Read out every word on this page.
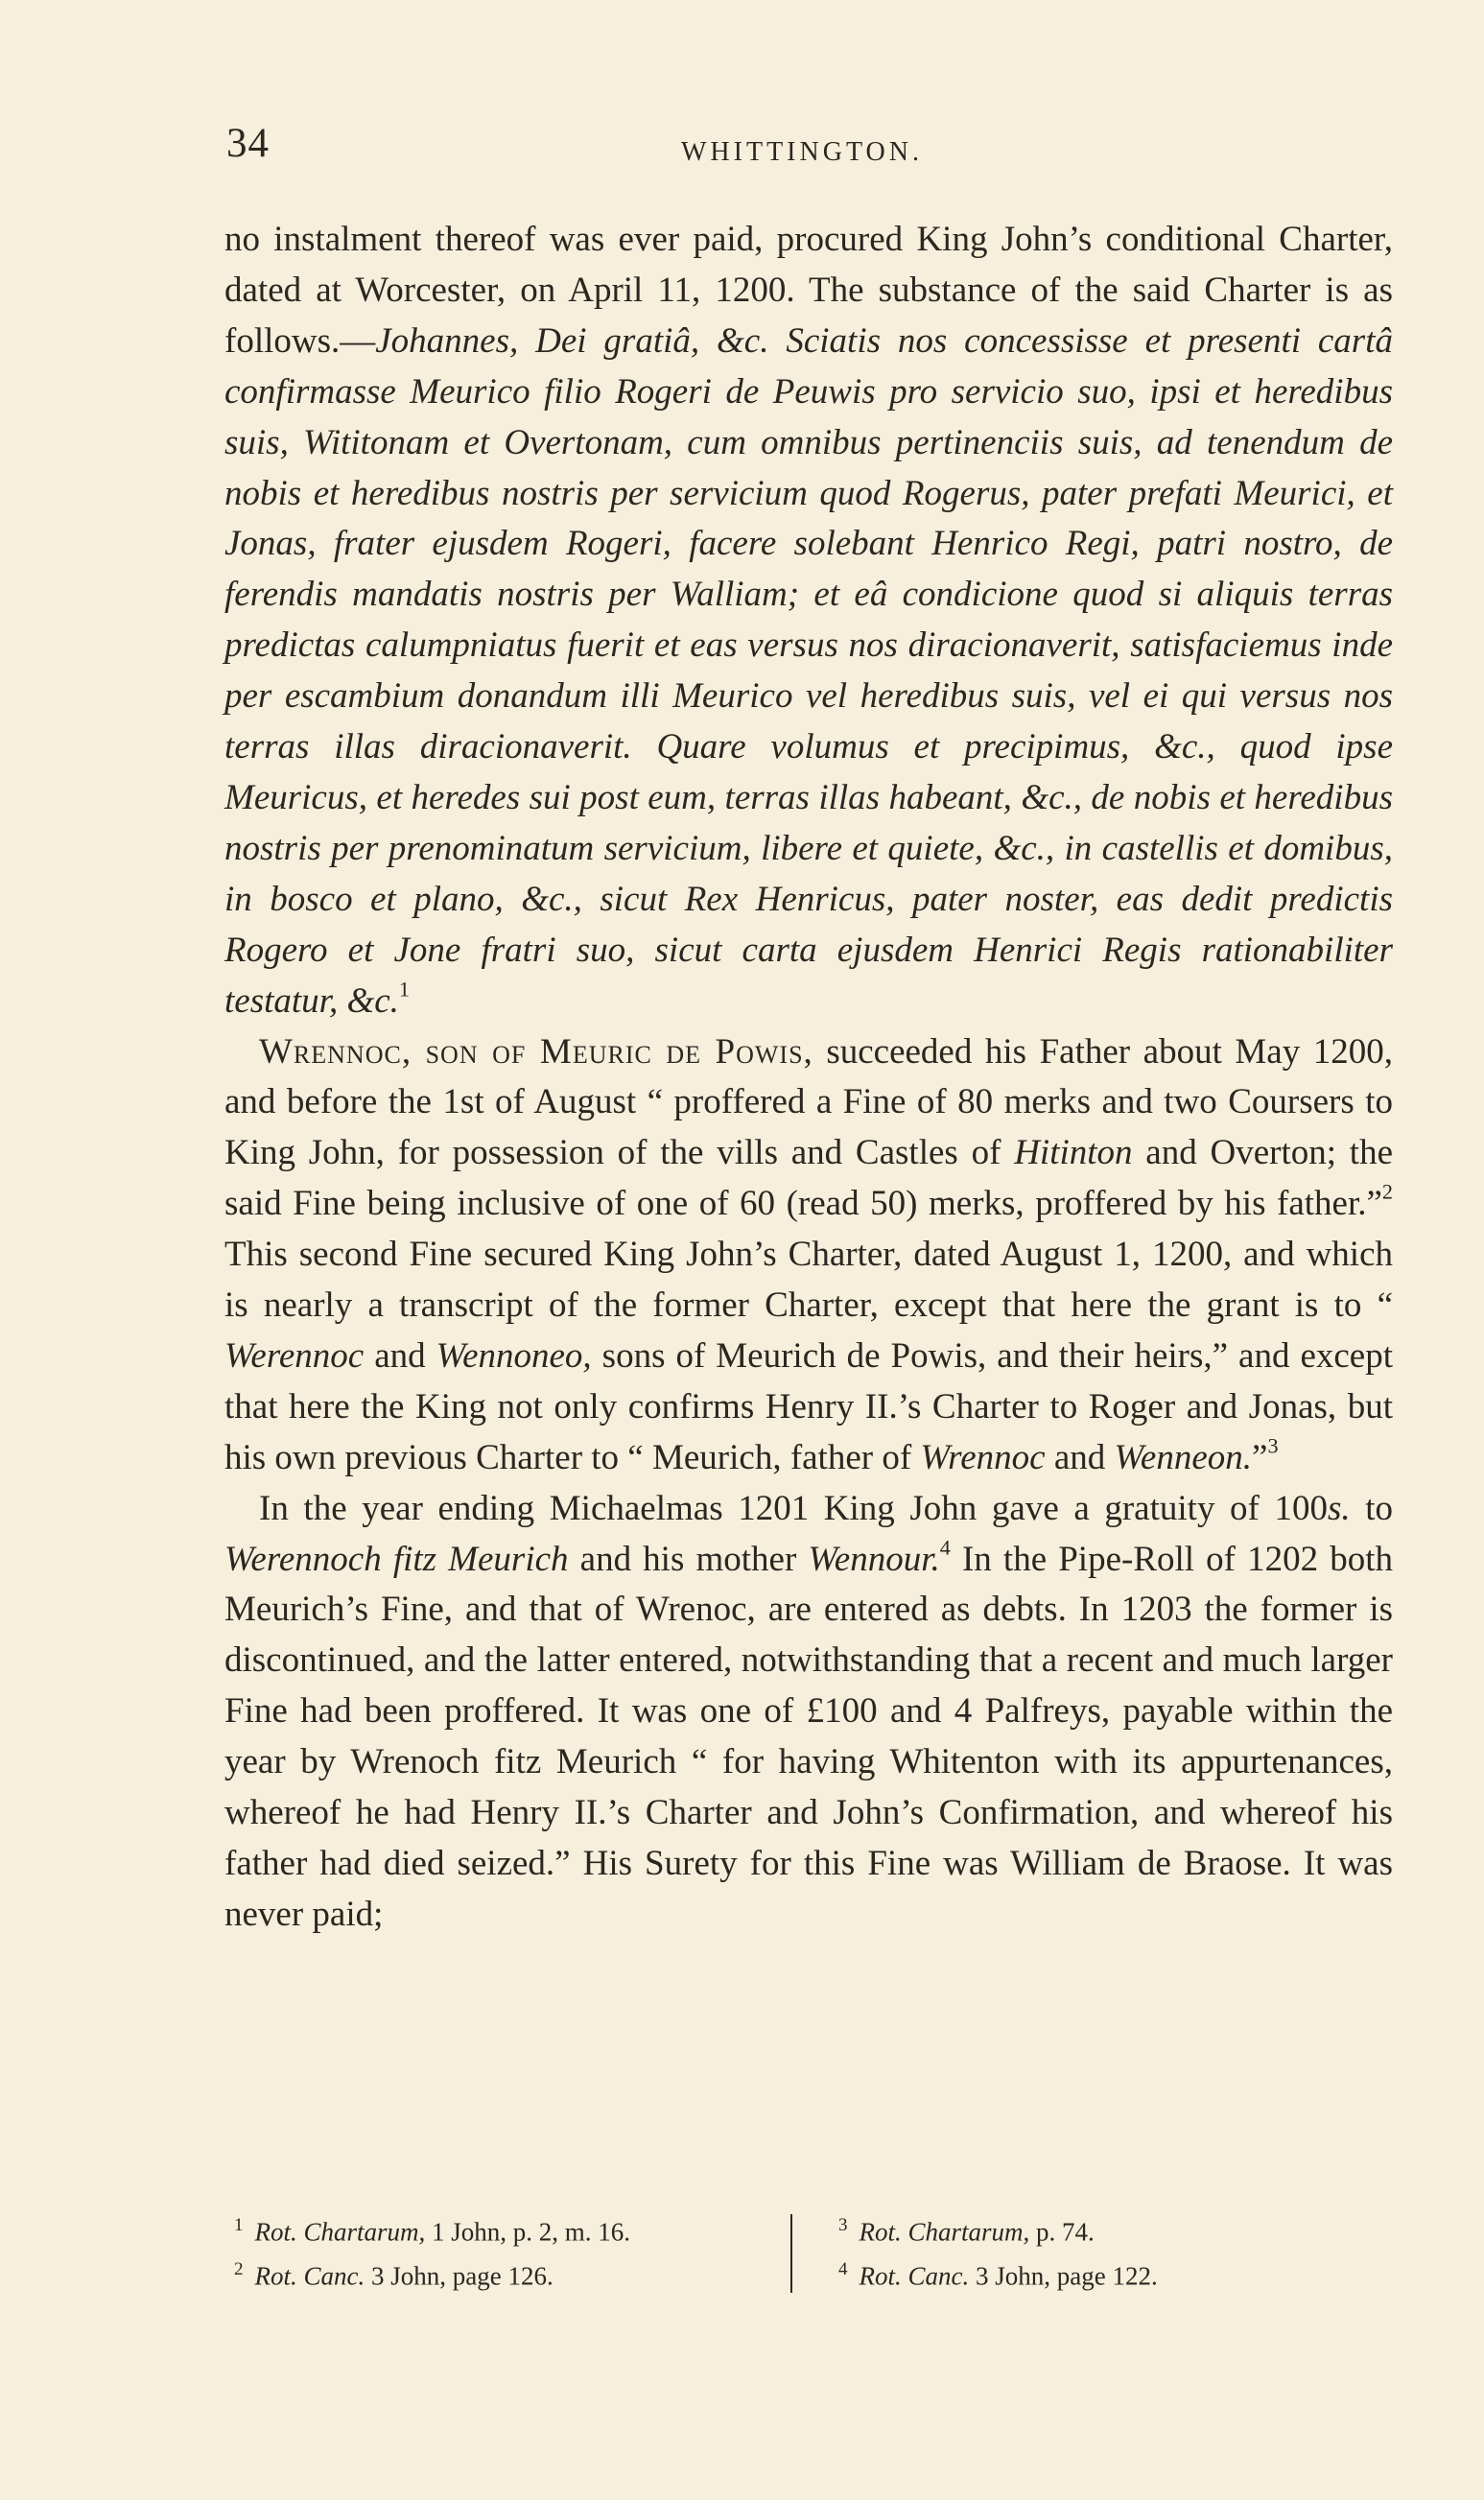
34	WHITTINGTON.

no instalment thereof was ever paid, procured King John’s conditional Charter, dated at Worcester, on April 11, 1200. The substance of the said Charter is as follows.—Johannes, Dei gratiâ, &c. Sciatis nos concessisse et presenti cartâ confirmasse Meurico filio Rogeri de Peuwis pro servicio suo, ipsi et heredibus suis, Wititonam et Overtonam, cum omnibus pertinenciis suis, ad tenendum de nobis et heredibus nostris per servicium quod Rogerus, pater prefati Meurici, et Jonas, frater ejusdem Rogeri, facere solebant Henrico Regi, patri nostro, de ferendis mandatis nostris per Walliam; et eâ condicione quod si aliquis terras predictas calumpniatus fuerit et eas versus nos diracionaverit, satisfaciemus inde per escambium donandum illi Meurico vel heredibus suis, vel ei qui versus nos terras illas diracionaverit. Quare volumus et precipimus, &c., quod ipse Meuricus, et heredes sui post eum, terras illas habeant, &c., de nobis et heredibus nostris per prenominatum servicium, libere et quiete, &c., in castellis et domibus, in bosco et plano, &c., sicut Rex Henricus, pater noster, eas dedit predictis Rogero et Jone fratri suo, sicut carta ejusdem Henrici Regis rationabiliter testatur, &c.$^1$

Wrennoc, son of Meuric de Powis, succeeded his Father about May 1200, and before the 1st of August “ proffered a Fine of 80 merks and two Coursers to King John, for possession of the vills and Castles of Hitinton and Overton; the said Fine being inclusive of one of 60 (read 50) merks, proffered by his father.”$^2$ This second Fine secured King John’s Charter, dated August 1, 1200, and which is nearly a transcript of the former Charter, except that here the grant is to “ Werennoc and Wennoneo, sons of Meurich de Powis, and their heirs,” and except that here the King not only confirms Henry II.’s Charter to Roger and Jonas, but his own previous Charter to “ Meurich, father of Wrennoc and Wenneon.”$^3$

In the year ending Michaelmas 1201 King John gave a gratuity of 100s. to Werennoch fitz Meurich and his mother Wennour.$^4$ In the Pipe-Roll of 1202 both Meurich’s Fine, and that of Wrenoc, are entered as debts. In 1203 the former is discontinued, and the latter entered, notwithstanding that a recent and much larger Fine had been proffered. It was one of £100 and 4 Palfreys, payable within the year by Wrenoch fitz Meurich “ for having Whitenton with its appurtenances, whereof he had Henry II.’s Charter and John’s Confirmation, and whereof his father had died seized.” His Surety for this Fine was William de Braose. It was never paid;

$^1$ Rot. Chartarum, 1 John, p. 2, m. 16.
$^2$ Rot. Canc. 3 John, page 126.
$^3$ Rot. Chartarum, p. 74.
$^4$ Rot. Canc. 3 John, page 122.
